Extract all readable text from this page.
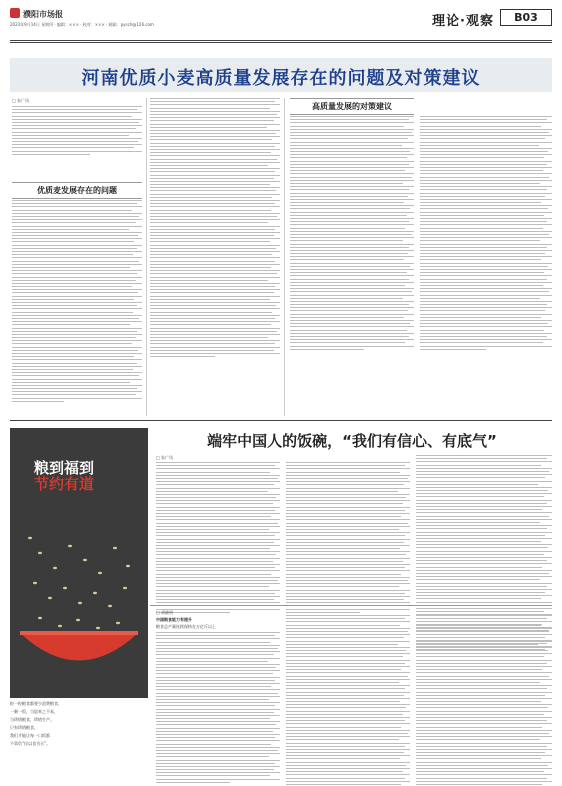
濮阳市场报
2023年9月14日 星期四 · 编辑：××× · 校对：××× · 邮箱：pysch@126.com	理论·观察	B03
河南优质小麦高质量发展存在的问题及对策建议
□ 朱广凤
优质麦发展存在的问题
高质量发展的对策建议
粮到福到
节约有道
粒一粒粮食都要少浪费粮食，
一粥一饭，当思来之不易，
当珍惜粮食，珍惜生产。
只有珍惜粮食，
我们才能让每一口饭都
不辜负“民以食为天”。
端牢中国人的饭碗，“我们有信心、有底气”
□ 朱广凤
□ 胡晓明
中国粮食能力有提升
粮食总产量连续保持在万亿斤以上
